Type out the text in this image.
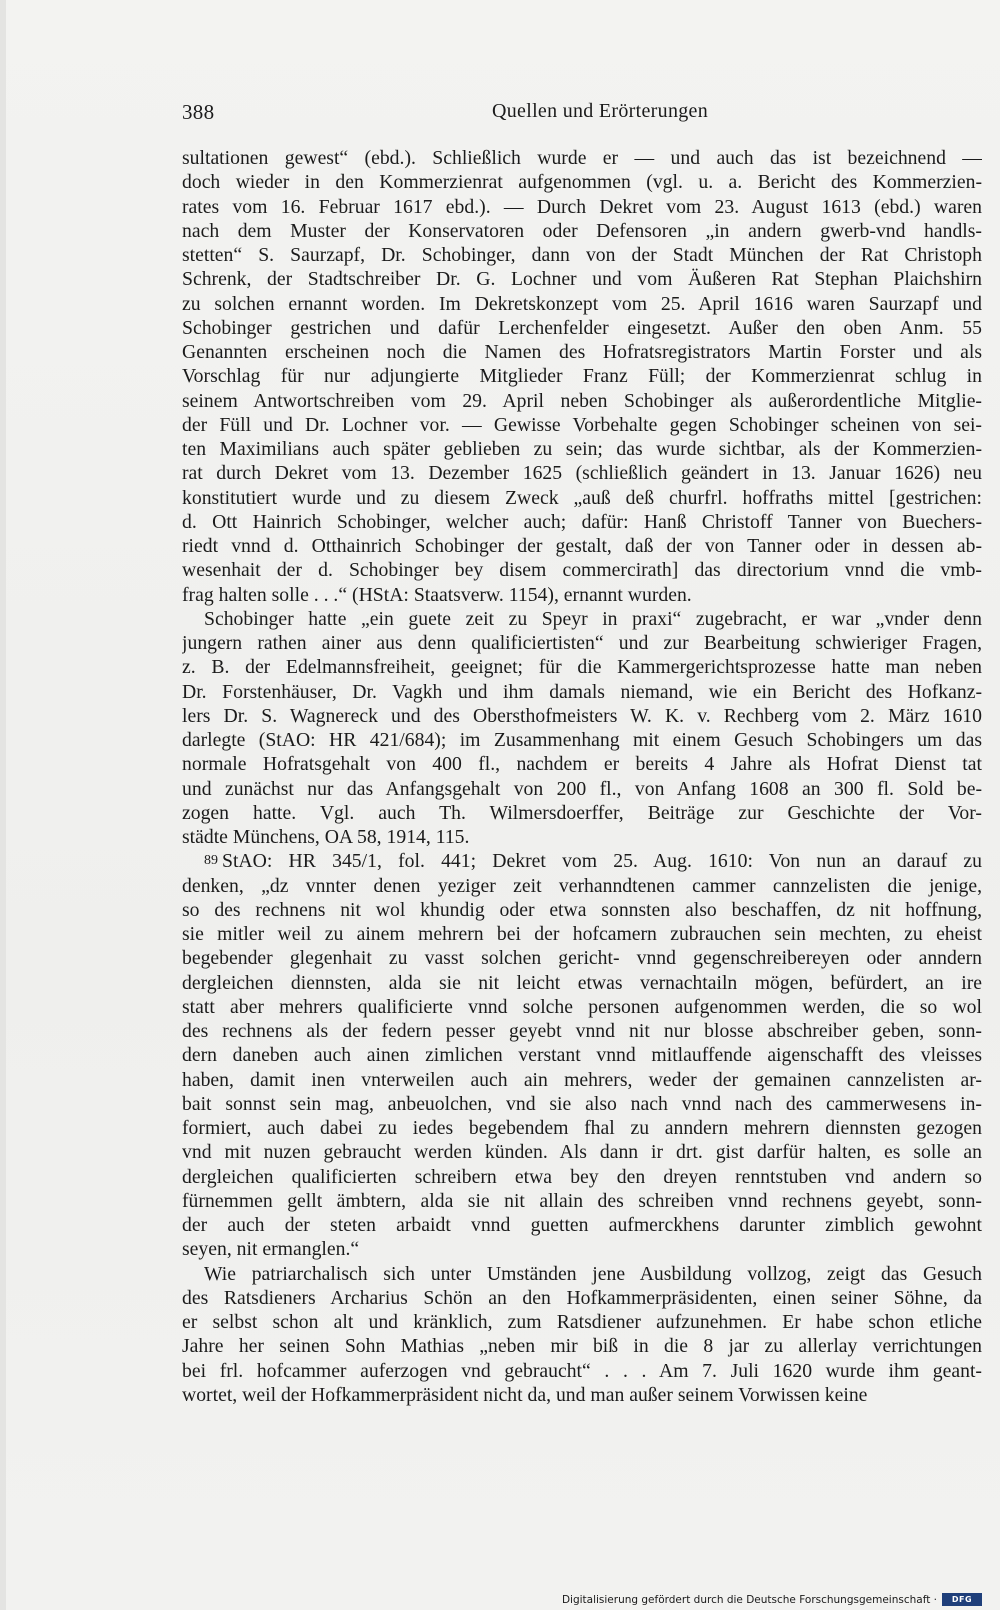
388	Quellen und Erörterungen
sultationen gewest“ (ebd.). Schließlich wurde er — und auch das ist bezeichnend —
doch wieder in den Kommerzienrat aufgenommen (vgl. u. a. Bericht des Kommerzien-
rates vom 16. Februar 1617 ebd.). — Durch Dekret vom 23. August 1613 (ebd.) waren
nach dem Muster der Konservatoren oder Defensoren „in andern gwerb-vnd handls-
stetten“ S. Saurzapf, Dr. Schobinger, dann von der Stadt München der Rat Christoph
Schrenk, der Stadtschreiber Dr. G. Lochner und vom Äußeren Rat Stephan Plaichshirn
zu solchen ernannt worden. Im Dekretskonzept vom 25. April 1616 waren Saurzapf und
Schobinger gestrichen und dafür Lerchenfelder eingesetzt. Außer den oben Anm. 55
Genannten erscheinen noch die Namen des Hofratsregistrators Martin Forster und als
Vorschlag für nur adjungierte Mitglieder Franz Füll; der Kommerzienrat schlug in
seinem Antwortschreiben vom 29. April neben Schobinger als außerordentliche Mitglie-
der Füll und Dr. Lochner vor. — Gewisse Vorbehalte gegen Schobinger scheinen von sei-
ten Maximilians auch später geblieben zu sein; das wurde sichtbar, als der Kommerzien-
rat durch Dekret vom 13. Dezember 1625 (schließlich geändert in 13. Januar 1626) neu
konstitutiert wurde und zu diesem Zweck „auß deß churfrl. hoffraths mittel [gestrichen:
d. Ott Hainrich Schobinger, welcher auch; dafür: Hanß Christoff Tanner von Buechers-
riedt vnnd d. Otthainrich Schobinger der gestalt, daß der von Tanner oder in dessen ab-
wesenhait der d. Schobinger bey disem commercirath] das directorium vnnd die vmb-
frag halten solle . . .“ (HStA: Staatsverw. 1154), ernannt wurden.
Schobinger hatte „ein guete zeit zu Speyr in praxi“ zugebracht, er war „vnder denn
jungern rathen ainer aus denn qualificiertisten“ und zur Bearbeitung schwieriger Fragen,
z. B. der Edelmannsfreiheit, geeignet; für die Kammergerichtsprozesse hatte man neben
Dr. Forstenhäuser, Dr. Vagkh und ihm damals niemand, wie ein Bericht des Hofkanz-
lers Dr. S. Wagnereck und des Obersthofmeisters W. K. v. Rechberg vom 2. März 1610
darlegte (StAO: HR 421/684); im Zusammenhang mit einem Gesuch Schobingers um das
normale Hofratsgehalt von 400 fl., nachdem er bereits 4 Jahre als Hofrat Dienst tat
und zunächst nur das Anfangsgehalt von 200 fl., von Anfang 1608 an 300 fl. Sold be-
zogen hatte. Vgl. auch Th. Wilmersdoerffer, Beiträge zur Geschichte der Vor-
städte Münchens, OA 58, 1914, 115.
89 StAO: HR 345/1, fol. 441; Dekret vom 25. Aug. 1610: Von nun an darauf zu
denken, „dz vnnter denen yeziger zeit verhanndtenen cammer cannzelisten die jenige,
so des rechnens nit wol khundig oder etwa sonnsten also beschaffen, dz nit hoffnung,
sie mitler weil zu ainem mehrern bei der hofcamern zubrauchen sein mechten, zu eheist
begebender glegenhait zu vasst solchen gericht- vnnd gegenschreibereyen oder anndern
dergleichen diennsten, alda sie nit leicht etwas vernachtailn mögen, befürdert, an ire
statt aber mehrers qualificierte vnnd solche personen aufgenommen werden, die so wol
des rechnens als der federn pesser geyebt vnnd nit nur blosse abschreiber geben, sonn-
dern daneben auch ainen zimlichen verstant vnnd mitlauffende aigenschafft des vleisses
haben, damit inen vnterweilen auch ain mehrers, weder der gemainen cannzelisten ar-
bait sonnst sein mag, anbeuolchen, vnd sie also nach vnnd nach des cammerwesens in-
formiert, auch dabei zu iedes begebendem fhal zu anndern mehrern diennsten gezogen
vnd mit nuzen gebraucht werden künden. Als dann ir drt. gist darfür halten, es solle an
dergleichen qualificierten schreibern etwa bey den dreyen renntstuben vnd andern so
fürnemmen gellt ämbtern, alda sie nit allain des schreiben vnnd rechnens geyebt, sonn-
der auch der steten arbaidt vnnd guetten aufmerckhens darunter zimblich gewohnt
seyen, nit ermanglen.“
Wie patriarchalisch sich unter Umständen jene Ausbildung vollzog, zeigt das Gesuch
des Ratsdieners Archarius Schön an den Hofkammerpräsidenten, einen seiner Söhne, da
er selbst schon alt und kränklich, zum Ratsdiener aufzunehmen. Er habe schon etliche
Jahre her seinen Sohn Mathias „neben mir biß in die 8 jar zu allerlay verrichtungen
bei frl. hofcammer auferzogen vnd gebraucht“ . . . Am 7. Juli 1620 wurde ihm geant-
wortet, weil der Hofkammerpräsident nicht da, und man außer seinem Vorwissen keine
Digitalisierung gefördert durch die Deutsche Forschungsgemeinschaft ·	DFG
